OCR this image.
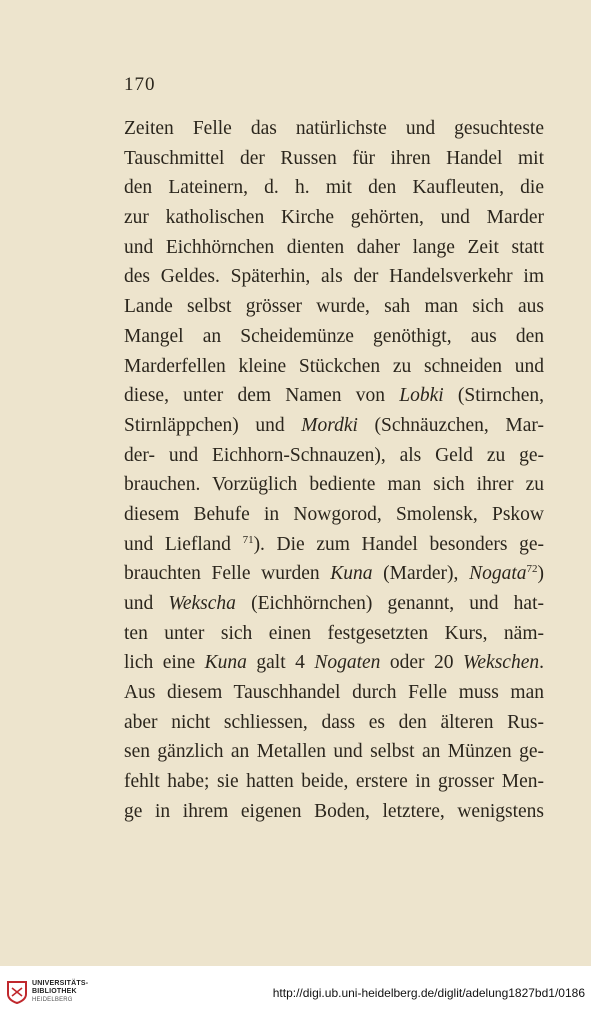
170
Zeiten Felle das natürlichste und gesuchteste
Tauschmittel der Russen für ihren Handel mit
den Lateinern, d. h. mit den Kaufleuten, die
zur katholischen Kirche gehörten, und Marder
und Eichhörnchen dienten daher lange Zeit statt
des Geldes. Späterhin, als der Handelsverkehr im
Lande selbst grösser wurde, sah man sich aus
Mangel an Scheidemünze genöthigt, aus den
Marderfellen kleine Stückchen zu schneiden und
diese, unter dem Namen von Lobki (Stirnchen,
Stirnläppchen) und Mordki (Schnäuzchen, Mar-
der- und Eichhorn-Schnauzen), als Geld zu ge-
brauchen. Vorzüglich bediente man sich ihrer zu
diesem Behufe in Nowgorod, Smolensk, Pskow
und Liefland $^{71}$). Die zum Handel besonders ge-
brauchten Felle wurden Kuna (Marder), Nogata$^{72}$)
und Wekscha (Eichhörnchen) genannt, und hat-
ten unter sich einen festgesetzten Kurs, näm-
lich eine Kuna galt 4 Nogaten oder 20 Wekschen.
Aus diesem Tauschhandel durch Felle muss man
aber nicht schliessen, dass es den älteren Rus-
sen gänzlich an Metallen und selbst an Münzen ge-
fehlt habe; sie hatten beide, erstere in grosser Men-
ge in ihrem eigenen Boden, letztere, wenigstens
UNIVERSITÄTS-
BIBLIOTHEK
HEIDELBERG	http://digi.ub.uni-heidelberg.de/diglit/adelung1827bd1/0186
